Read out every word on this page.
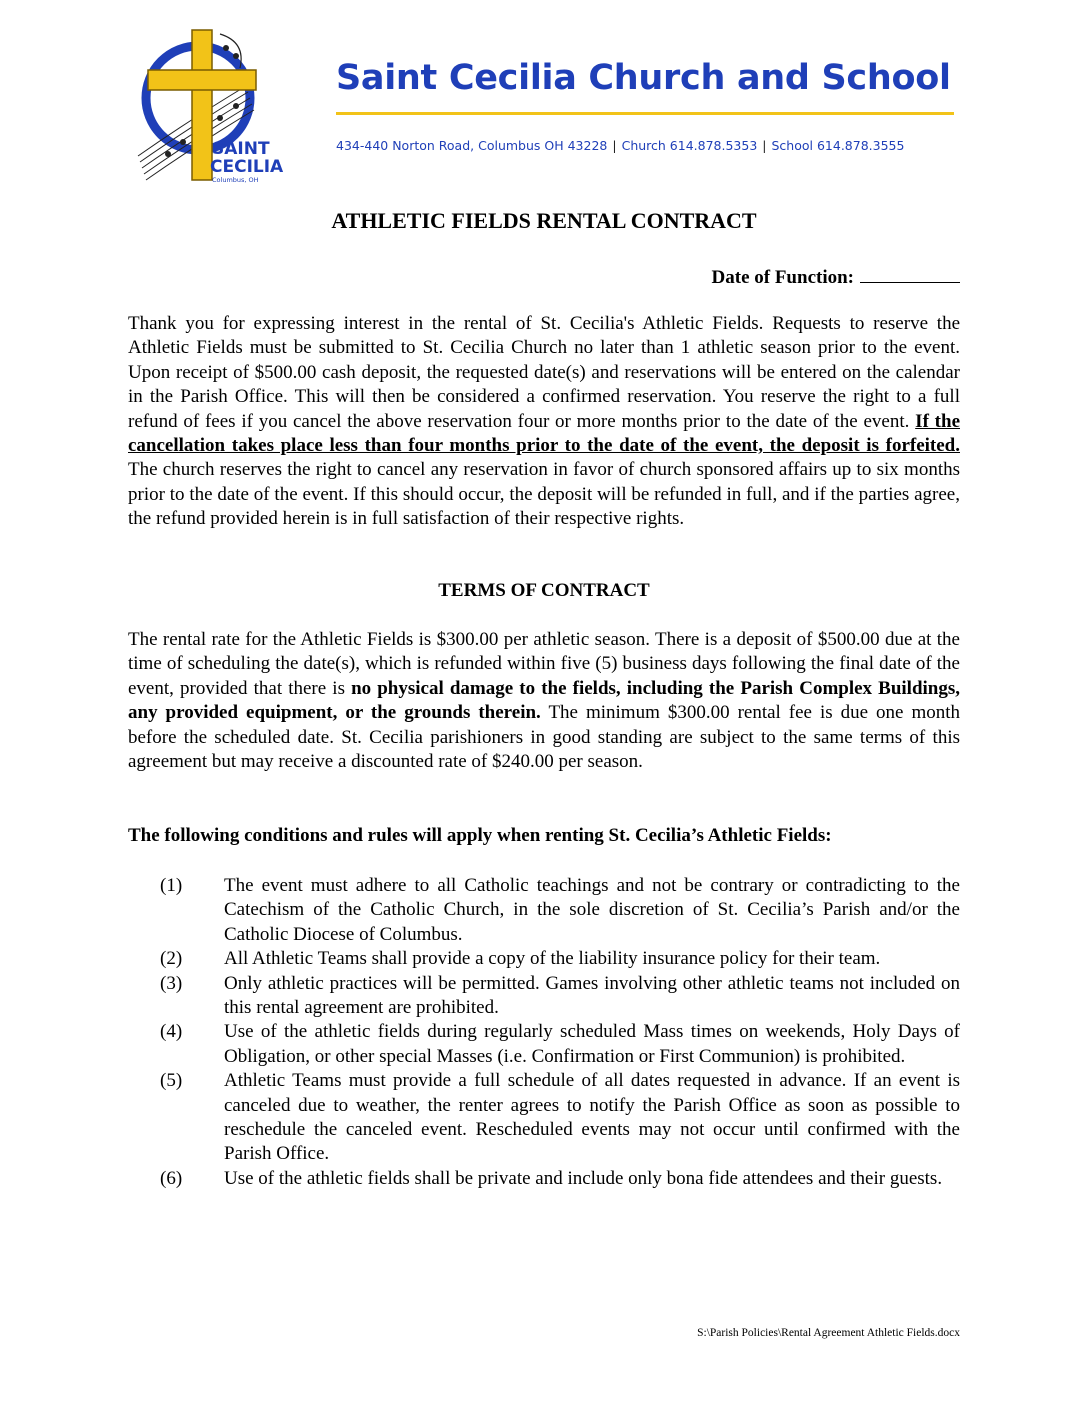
SAINT
CECILIA
Columbus, OH
Saint Cecilia Church and School
434-440 Norton Road, Columbus OH 43228 | Church 614.878.5353 | School 614.878.3555
ATHLETIC FIELDS RENTAL CONTRACT
Date of Function:
Thank you for expressing interest in the rental of St. Cecilia's Athletic Fields. Requests to reserve the Athletic Fields must be submitted to St. Cecilia Church no later than 1 athletic season prior to the event. Upon receipt of $500.00 cash deposit, the requested date(s) and reservations will be entered on the calendar in the Parish Office. This will then be considered a confirmed reservation. You reserve the right to a full refund of fees if you cancel the above reservation four or more months prior to the date of the event. If the cancellation takes place less than four months prior to the date of the event, the deposit is forfeited. The church reserves the right to cancel any reservation in favor of church sponsored affairs up to six months prior to the date of the event. If this should occur, the deposit will be refunded in full, and if the parties agree, the refund provided herein is in full satisfaction of their respective rights.
TERMS OF CONTRACT
The rental rate for the Athletic Fields is $300.00 per athletic season. There is a deposit of $500.00 due at the time of scheduling the date(s), which is refunded within five (5) business days following the final date of the event, provided that there is no physical damage to the fields, including the Parish Complex Buildings, any provided equipment, or the grounds therein. The minimum $300.00 rental fee is due one month before the scheduled date. St. Cecilia parishioners in good standing are subject to the same terms of this agreement but may receive a discounted rate of $240.00 per season.
The following conditions and rules will apply when renting St. Cecilia’s Athletic Fields:
(1) The event must adhere to all Catholic teachings and not be contrary or contradicting to the Catechism of the Catholic Church, in the sole discretion of St. Cecilia’s Parish and/or the Catholic Diocese of Columbus.
(2) All Athletic Teams shall provide a copy of the liability insurance policy for their team.
(3) Only athletic practices will be permitted. Games involving other athletic teams not included on this rental agreement are prohibited.
(4) Use of the athletic fields during regularly scheduled Mass times on weekends, Holy Days of Obligation, or other special Masses (i.e. Confirmation or First Communion) is prohibited.
(5) Athletic Teams must provide a full schedule of all dates requested in advance. If an event is canceled due to weather, the renter agrees to notify the Parish Office as soon as possible to reschedule the canceled event. Rescheduled events may not occur until confirmed with the Parish Office.
(6) Use of the athletic fields shall be private and include only bona fide attendees and their guests.
S:\Parish Policies\Rental Agreement Athletic Fields.docx
